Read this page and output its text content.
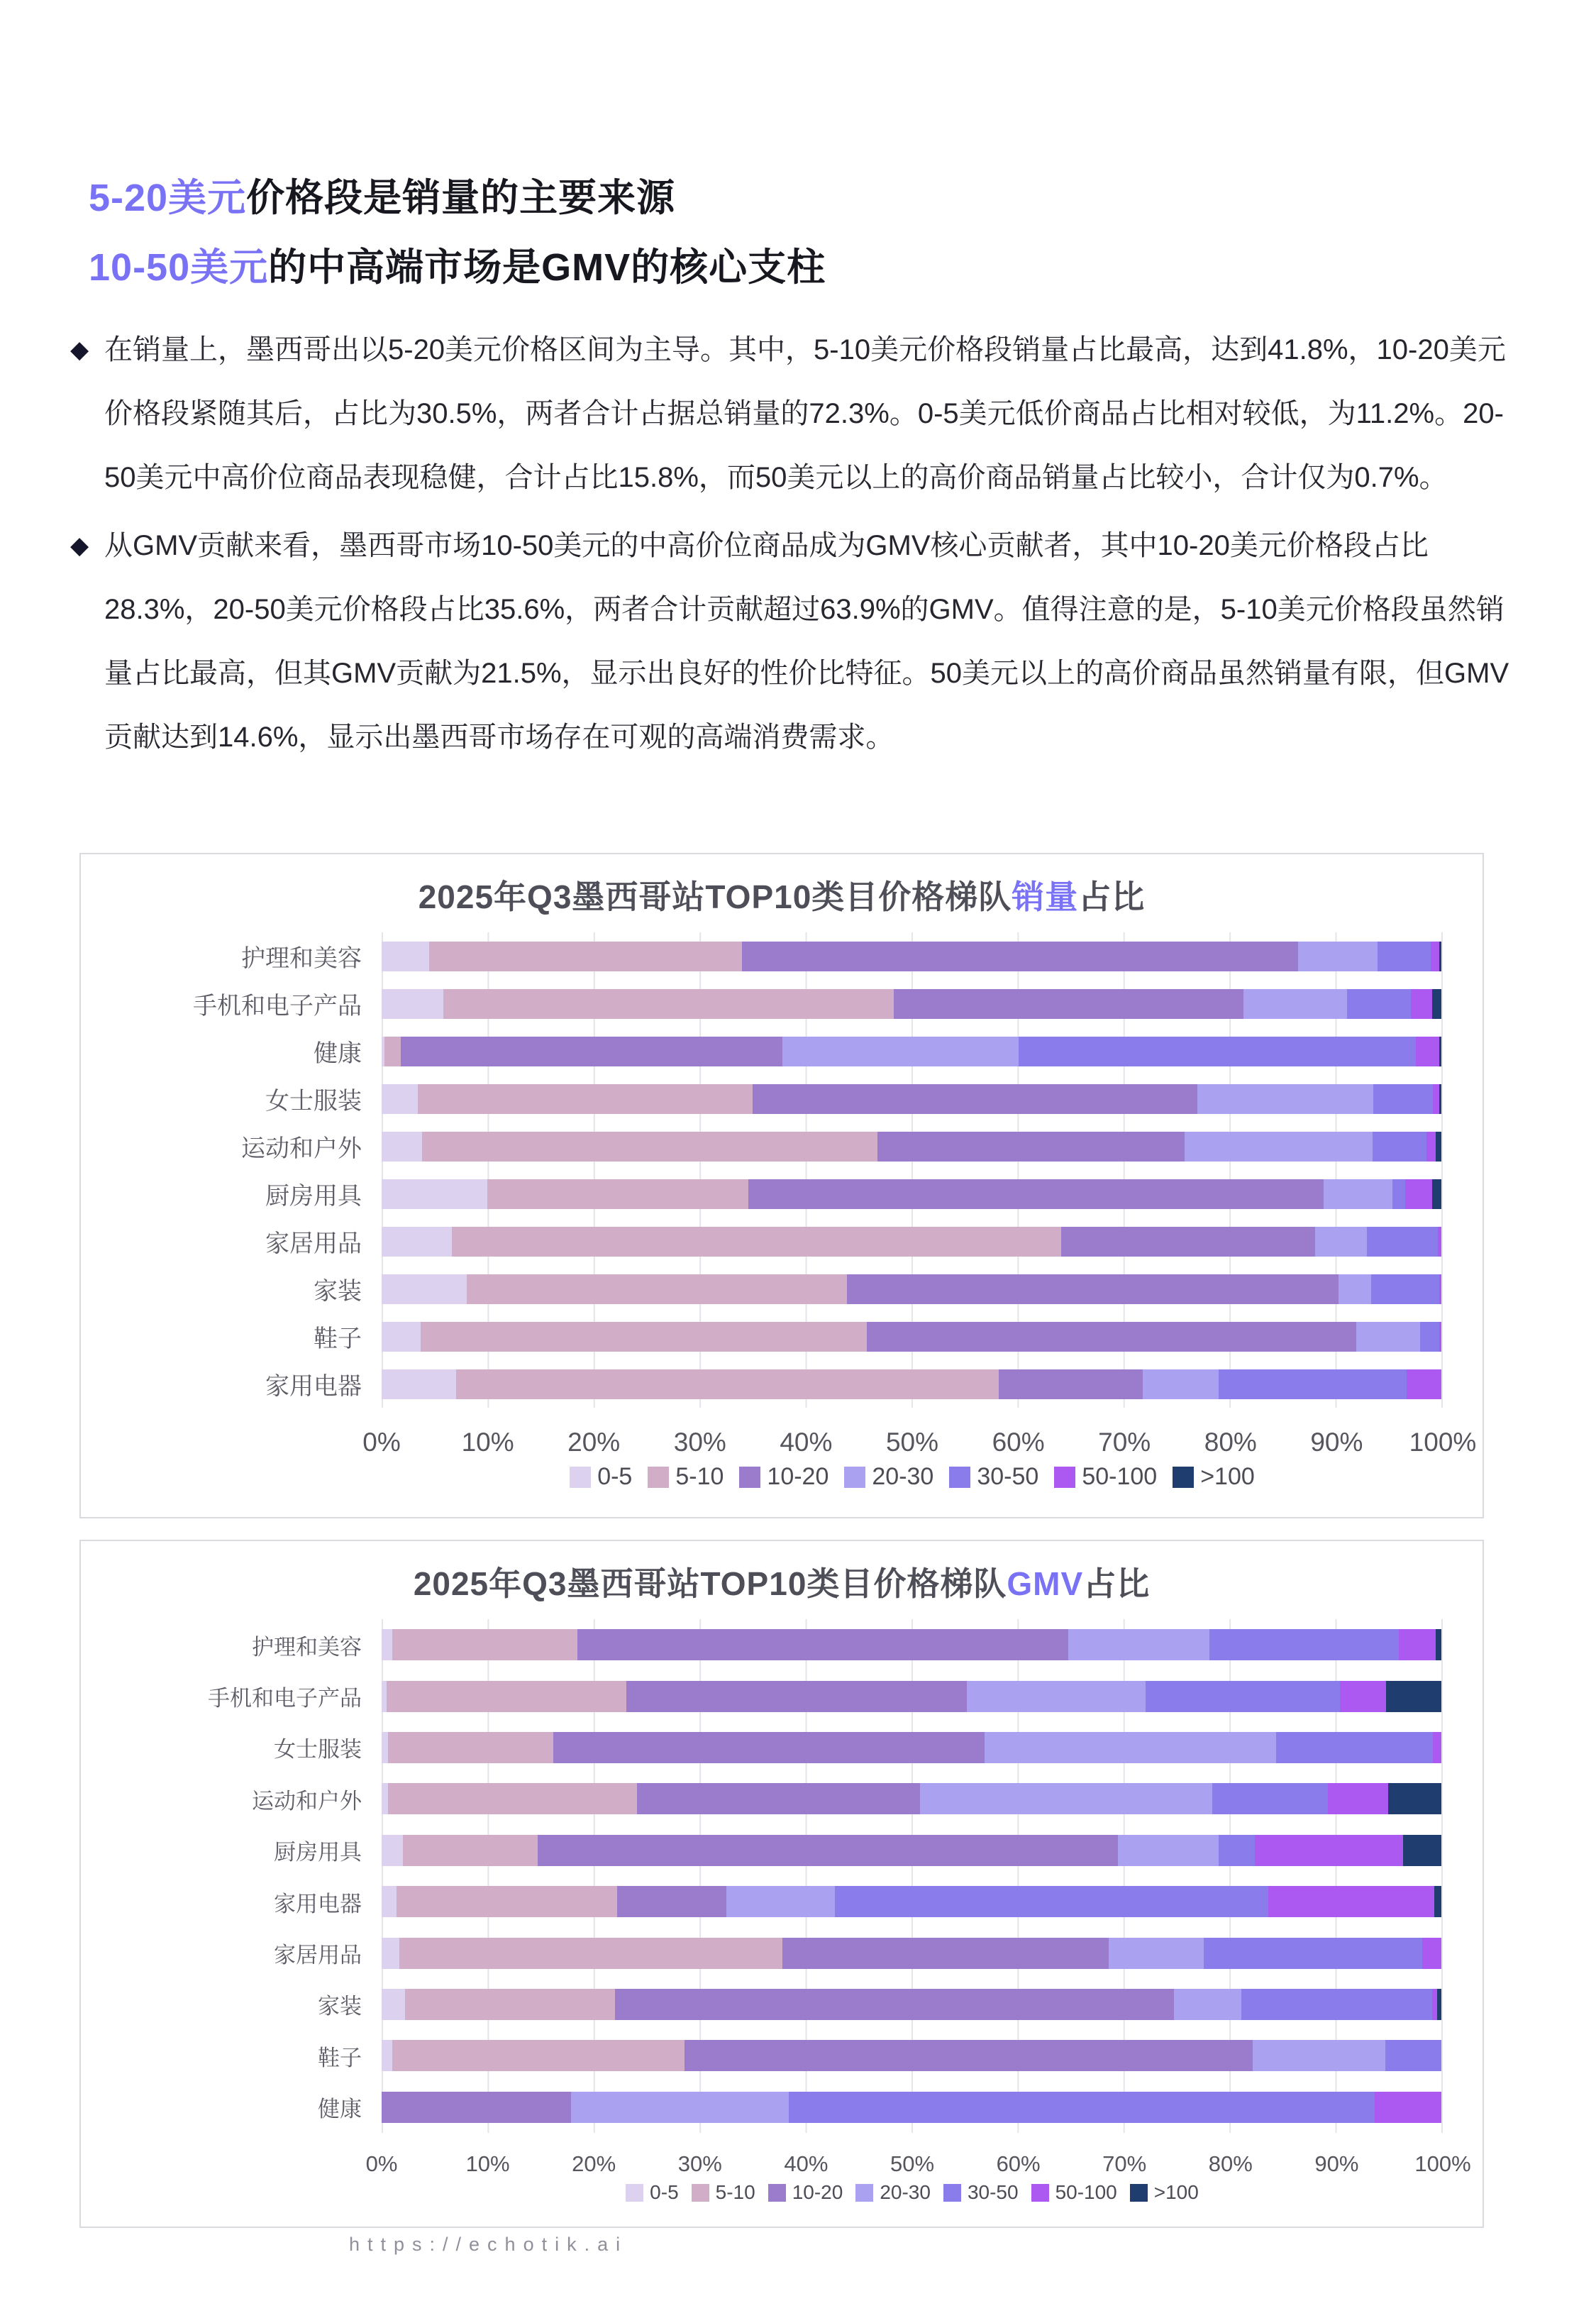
5-20美元价格段是销量的主要来源
10-50美元的中高端市场是GMV的核心支柱
◆ 在销量上，墨西哥出以5-20美元价格区间为主导。其中，5-10美元价格段销量占比最高，达到41.8%，10-20美元价格段紧随其后，占比为30.5%，两者合计占据总销量的72.3%。0-5美元低价商品占比相对较低，为11.2%。20-50美元中高价位商品表现稳健，合计占比15.8%，而50美元以上的高价商品销量占比较小，合计仅为0.7%。
◆ 从GMV贡献来看，墨西哥市场10-50美元的中高价位商品成为GMV核心贡献者，其中10-20美元价格段占比28.3%，20-50美元价格段占比35.6%，两者合计贡献超过63.9%的GMV。值得注意的是，5-10美元价格段虽然销量占比最高，但其GMV贡献为21.5%，显示出良好的性价比特征。50美元以上的高价商品虽然销量有限，但GMV贡献达到14.6%，显示出墨西哥市场存在可观的高端消费需求。
2025年Q3墨西哥站TOP10类目价格梯队销量占比
护理和美容
手机和电子产品
健康
女士服装
运动和户外
厨房用具
家居用品
家装
鞋子
家用电器
0% 10% 20% 30% 40% 50% 60% 70% 80% 90% 100%
0-5 5-10 10-20 20-30 30-50 50-100 >100
2025年Q3墨西哥站TOP10类目价格梯队GMV占比
护理和美容
手机和电子产品
女士服装
运动和户外
厨房用具
家用电器
家居用品
家装
鞋子
健康
0%	10%	20%	30%	40%	50%	60%	70%	80%	90%	100%
0-5 5-10 10-20 20-30 30-50 50-100 >100
https://echotik.ai
